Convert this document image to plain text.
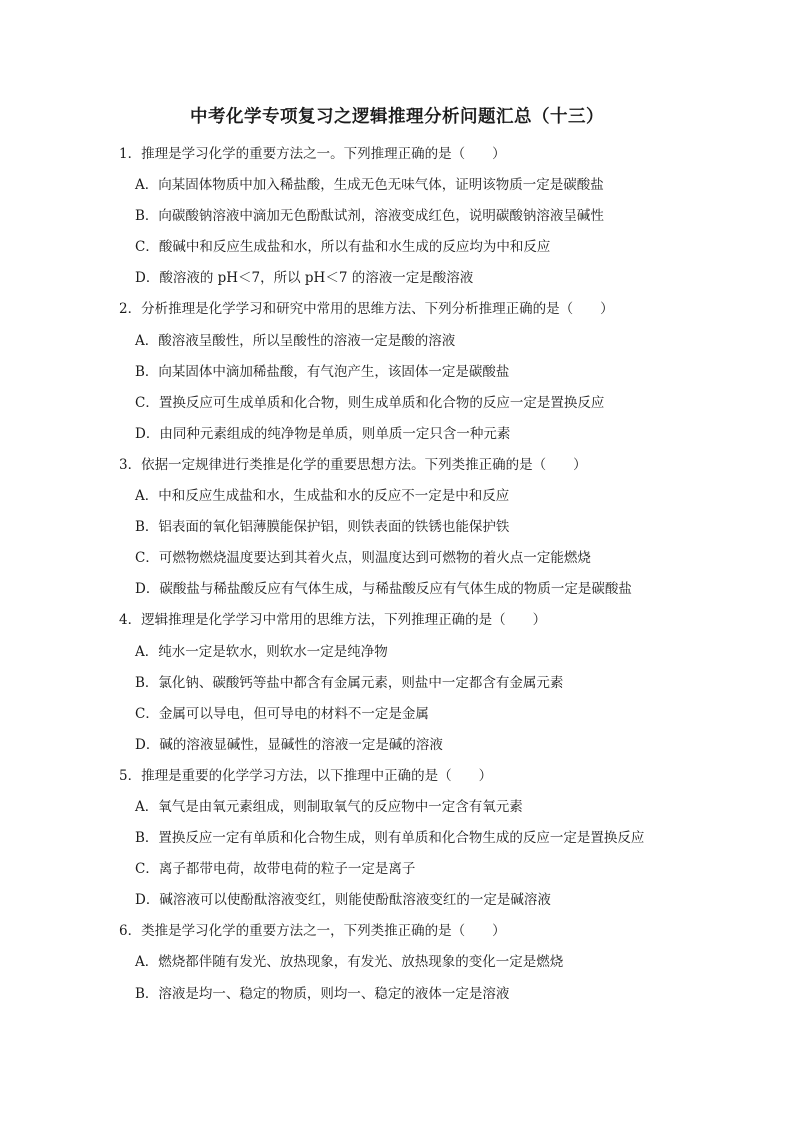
中考化学专项复习之逻辑推理分析问题汇总（十三）
1．推理是学习化学的重要方法之一。下列推理正确的是（　　）
A．向某固体物质中加入稀盐酸，生成无色无味气体，证明该物质一定是碳酸盐
B．向碳酸钠溶液中滴加无色酚酞试剂，溶液变成红色，说明碳酸钠溶液呈碱性
C．酸碱中和反应生成盐和水，所以有盐和水生成的反应均为中和反应
D．酸溶液的 pH＜7，所以 pH＜7 的溶液一定是酸溶液
2．分析推理是化学学习和研究中常用的思维方法、下列分析推理正确的是（　　）
A．酸溶液呈酸性，所以呈酸性的溶液一定是酸的溶液
B．向某固体中滴加稀盐酸，有气泡产生，该固体一定是碳酸盐
C．置换反应可生成单质和化合物，则生成单质和化合物的反应一定是置换反应
D．由同种元素组成的纯净物是单质，则单质一定只含一种元素
3．依据一定规律进行类推是化学的重要思想方法。下列类推正确的是（　　）
A．中和反应生成盐和水，生成盐和水的反应不一定是中和反应
B．铝表面的氧化铝薄膜能保护铝，则铁表面的铁锈也能保护铁
C．可燃物燃烧温度要达到其着火点，则温度达到可燃物的着火点一定能燃烧
D．碳酸盐与稀盐酸反应有气体生成，与稀盐酸反应有气体生成的物质一定是碳酸盐
4．逻辑推理是化学学习中常用的思维方法，下列推理正确的是（　　）
A．纯水一定是软水，则软水一定是纯净物
B．氯化钠、碳酸钙等盐中都含有金属元素，则盐中一定都含有金属元素
C．金属可以导电，但可导电的材料不一定是金属
D．碱的溶液显碱性，显碱性的溶液一定是碱的溶液
5．推理是重要的化学学习方法，以下推理中正确的是（　　）
A．氧气是由氧元素组成，则制取氧气的反应物中一定含有氧元素
B．置换反应一定有单质和化合物生成，则有单质和化合物生成的反应一定是置换反应
C．离子都带电荷，故带电荷的粒子一定是离子
D．碱溶液可以使酚酞溶液变红，则能使酚酞溶液变红的一定是碱溶液
6．类推是学习化学的重要方法之一，下列类推正确的是（　　）
A．燃烧都伴随有发光、放热现象，有发光、放热现象的变化一定是燃烧
B．溶液是均一、稳定的物质，则均一、稳定的液体一定是溶液
